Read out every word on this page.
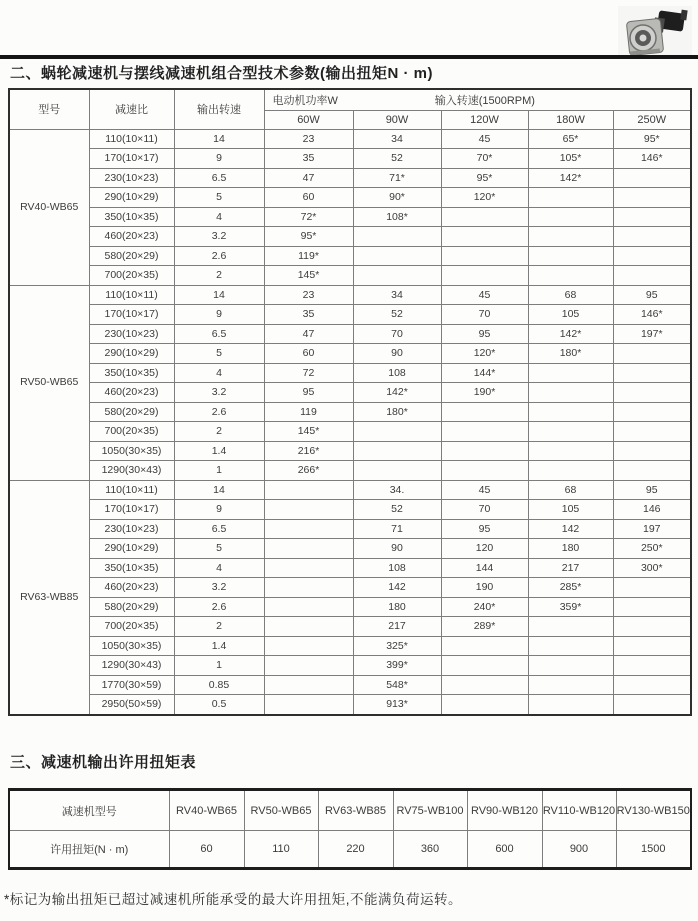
二、蜗轮减速机与摆线减速机组合型技术参数(输出扭矩N · m)
型号	减速比	输出转速	电动机功率W 输入转速(1500RPM)				

			60W	90W	120W	180W	250W
RV40-WB65	110(10×11)	14	23	34	45	65*	95*
	170(10×17)	9	35	52	70*	105*	146*
	230(10×23)	6.5	47	71*	95*	142*	
	290(10×29)	5	60	90*	120*		
	350(10×35)	4	72*	108*			
	460(20×23)	3.2	95*				
	580(20×29)	2.6	119*				
	700(20×35)	2	145*				
RV50-WB65	110(10×11)	14	23	34	45	68	95
	170(10×17)	9	35	52	70	105	146*
	230(10×23)	6.5	47	70	95	142*	197*
	290(10×29)	5	60	90	120*	180*	
	350(10×35)	4	72	108	144*		
	460(20×23)	3.2	95	142*	190*		
	580(20×29)	2.6	119	180*			
	700(20×35)	2	145*				
	1050(30×35)	1.4	216*				
	1290(30×43)	1	266*				
RV63-WB85	110(10×11)	14		34.	45	68	95
	170(10×17)	9		52	70	105	146
	230(10×23)	6.5		71	95	142	197
	290(10×29)	5		90	120	180	250*
	350(10×35)	4		108	144	217	300*
	460(20×23)	3.2		142	190	285*	
	580(20×29)	2.6		180	240*	359*	
	700(20×35)	2		217	289*		
	1050(30×35)	1.4		325*			
	1290(30×43)	1		399*			
	1770(30×59)	0.85		548*			
	2950(50×59)	0.5		913*			
三、减速机输出许用扭矩表
减速机型号	RV40-WB65	RV50-WB65	RV63-WB85	RV75-WB100	RV90-WB120	RV110-WB120	RV130-WB150
许用扭矩(N · m)	60	110	220	360	600	900	1500
*标记为输出扭矩已超过减速机所能承受的最大许用扭矩,不能满负荷运转。
